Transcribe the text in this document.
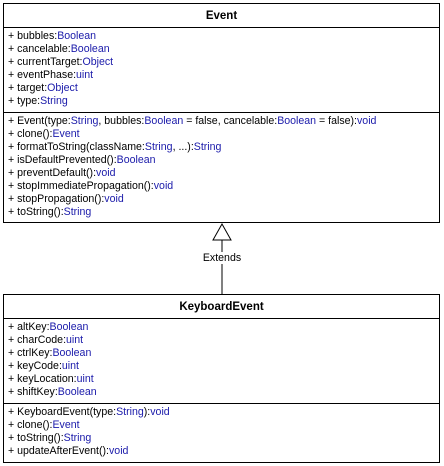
Extends
Event
+ bubbles:Boolean
+ cancelable:Boolean
+ currentTarget:Object
+ eventPhase:uint
+ target:Object
+ type:String
+ Event(type:String, bubbles:Boolean = false, cancelable:Boolean = false):void
+ clone():Event
+ formatToString(className:String, ...):String
+ isDefaultPrevented():Boolean
+ preventDefault():void
+ stopImmediatePropagation():void
+ stopPropagation():void
+ toString():String
KeyboardEvent
+ altKey:Boolean
+ charCode:uint
+ ctrlKey:Boolean
+ keyCode:uint
+ keyLocation:uint
+ shiftKey:Boolean
+ KeyboardEvent(type:String):void
+ clone():Event
+ toString():String
+ updateAfterEvent():void
